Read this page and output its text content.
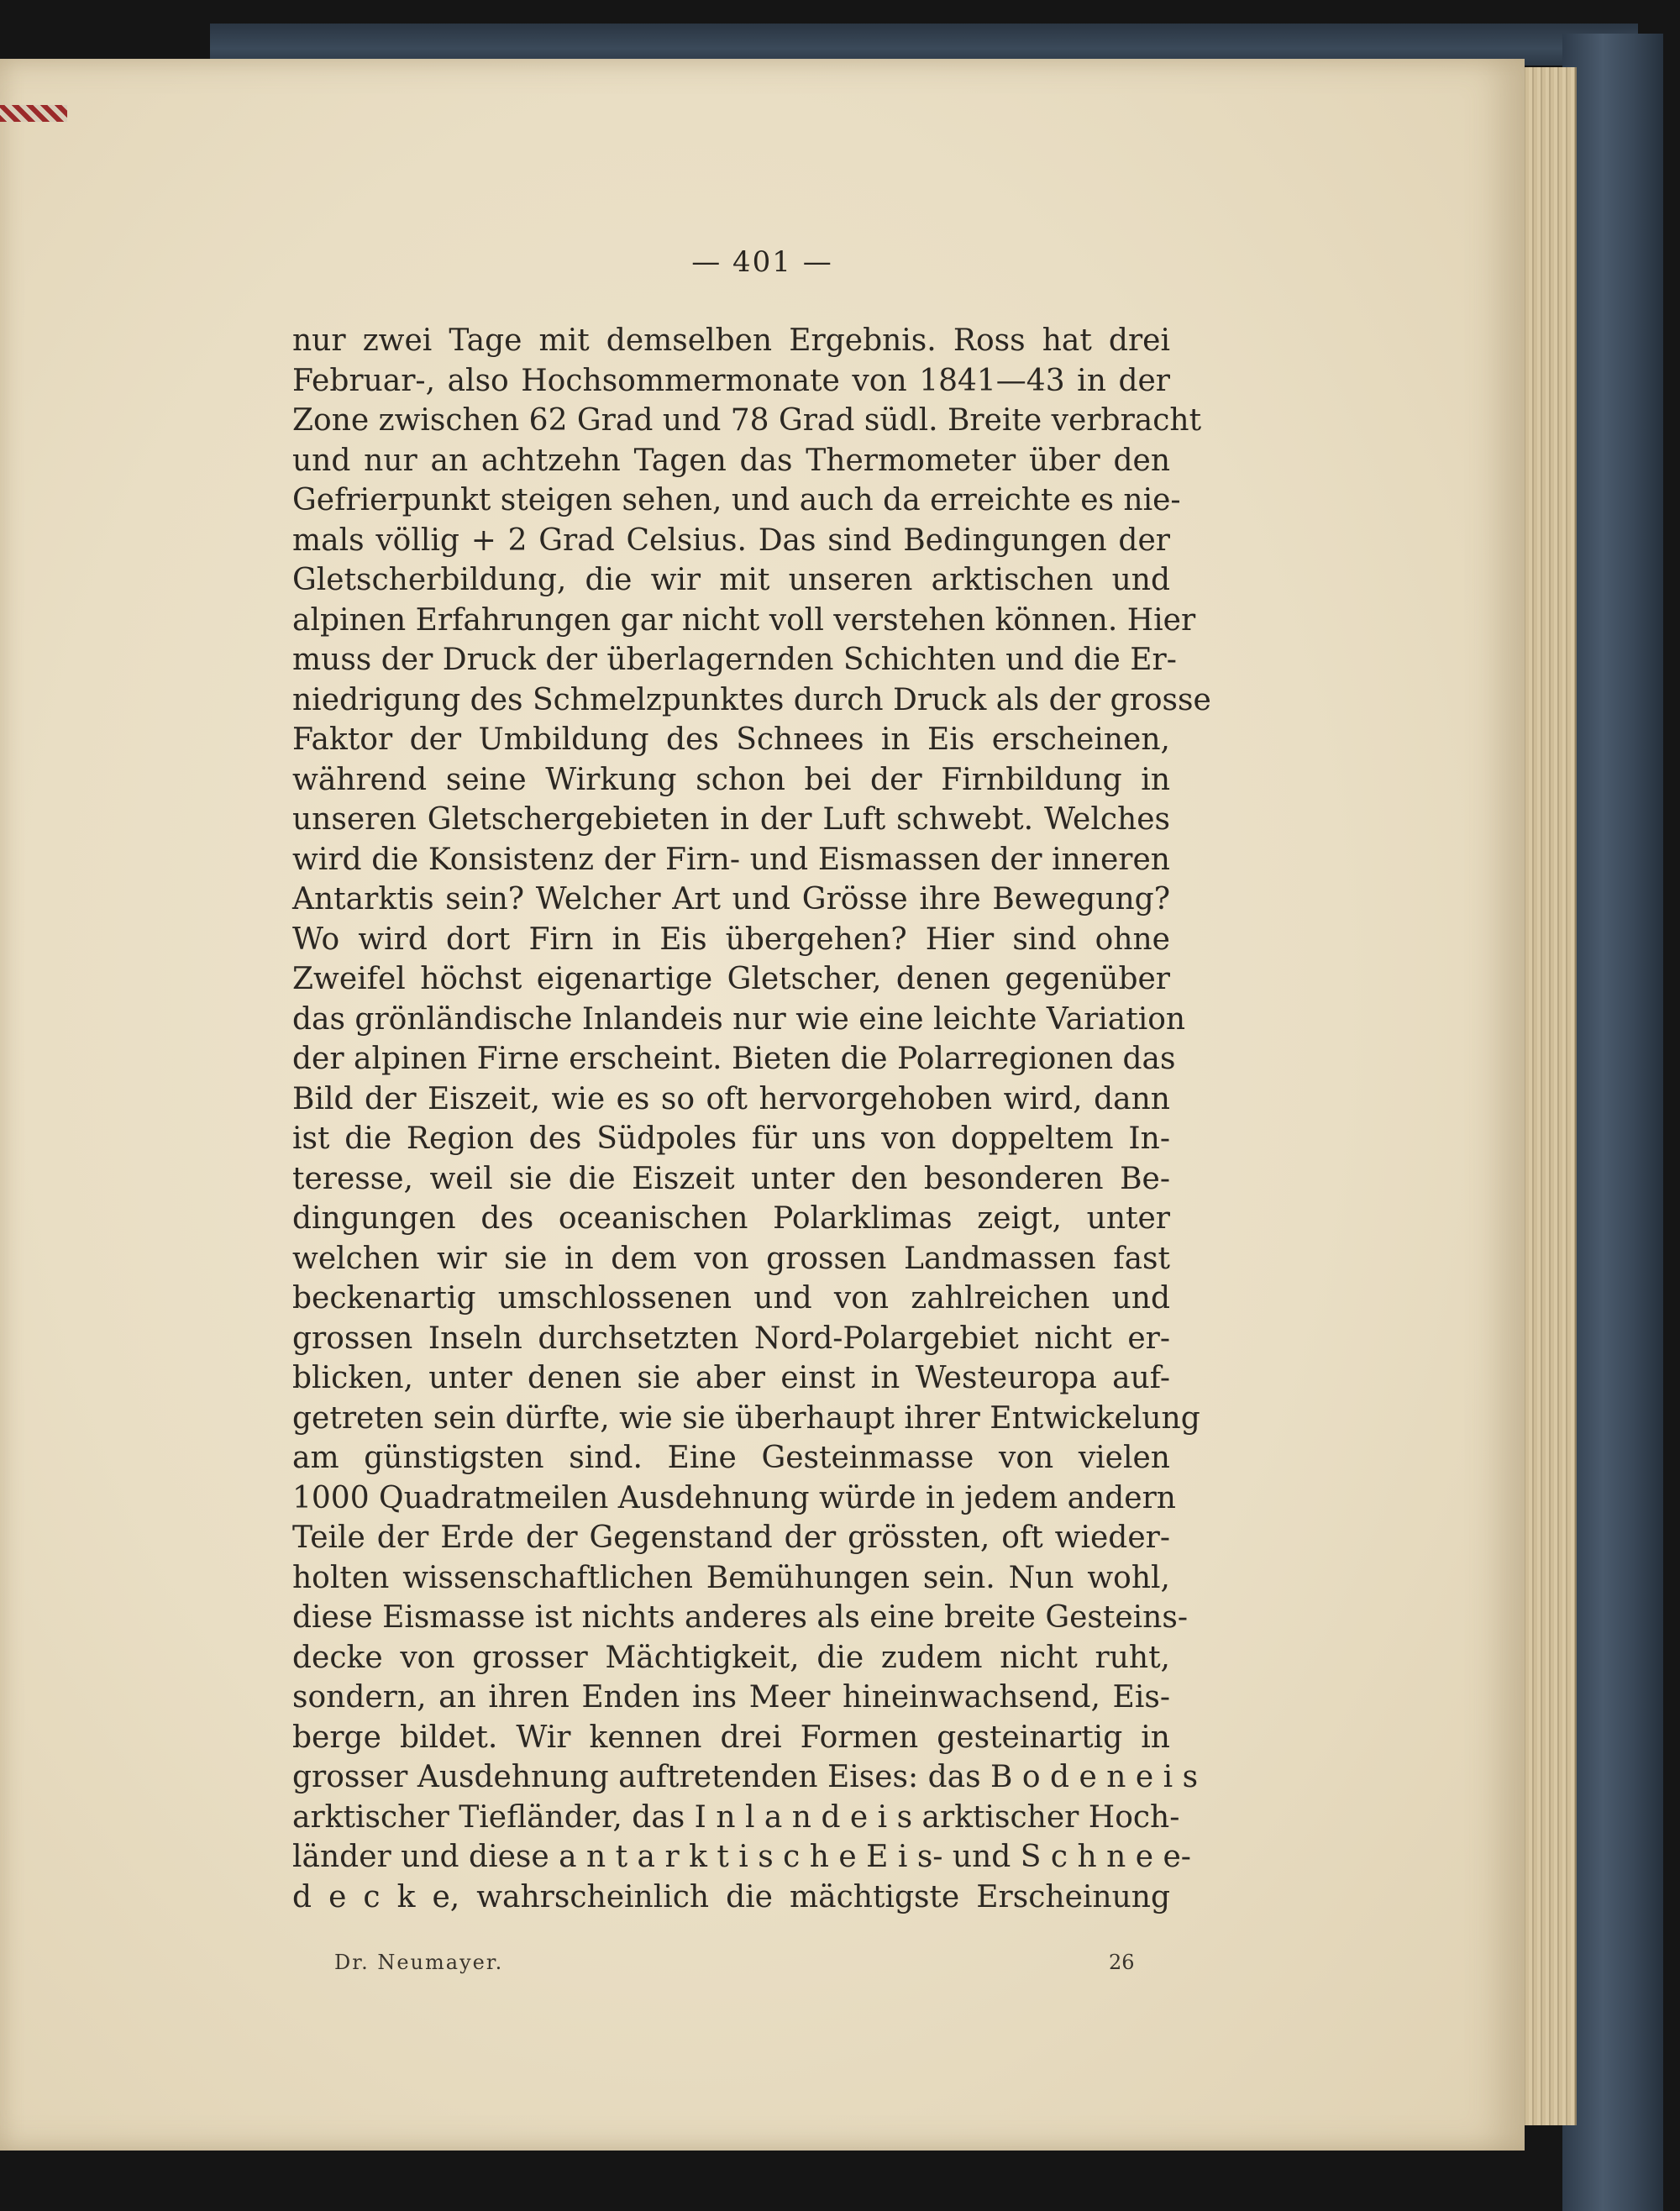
— 401 —
nur zwei Tage mit demselben Ergebnis. Ross hat drei
Februar-, also Hochsommermonate von 1841—43 in der
Zone zwischen 62 Grad und 78 Grad südl. Breite verbracht
und nur an achtzehn Tagen das Thermometer über den
Gefrierpunkt steigen sehen, und auch da erreichte es nie-
mals völlig + 2 Grad Celsius. Das sind Bedingungen der
Gletscherbildung, die wir mit unseren arktischen und
alpinen Erfahrungen gar nicht voll verstehen können. Hier
muss der Druck der überlagernden Schichten und die Er-
niedrigung des Schmelzpunktes durch Druck als der grosse
Faktor der Umbildung des Schnees in Eis erscheinen,
während seine Wirkung schon bei der Firnbildung in
unseren Gletschergebieten in der Luft schwebt. Welches
wird die Konsistenz der Firn- und Eismassen der inneren
Antarktis sein? Welcher Art und Grösse ihre Bewegung?
Wo wird dort Firn in Eis übergehen? Hier sind ohne
Zweifel höchst eigenartige Gletscher, denen gegenüber
das grönländische Inlandeis nur wie eine leichte Variation
der alpinen Firne erscheint. Bieten die Polarregionen das
Bild der Eiszeit, wie es so oft hervorgehoben wird, dann
ist die Region des Südpoles für uns von doppeltem In-
teresse, weil sie die Eiszeit unter den besonderen Be-
dingungen des oceanischen Polarklimas zeigt, unter
welchen wir sie in dem von grossen Landmassen fast
beckenartig umschlossenen und von zahlreichen und
grossen Inseln durchsetzten Nord-Polargebiet nicht er-
blicken, unter denen sie aber einst in Westeuropa auf-
getreten sein dürfte, wie sie überhaupt ihrer Entwickelung
am günstigsten sind. Eine Gesteinmasse von vielen
1000 Quadratmeilen Ausdehnung würde in jedem andern
Teile der Erde der Gegenstand der grössten, oft wieder-
holten wissenschaftlichen Bemühungen sein. Nun wohl,
diese Eismasse ist nichts anderes als eine breite Gesteins-
decke von grosser Mächtigkeit, die zudem nicht ruht,
sondern, an ihren Enden ins Meer hineinwachsend, Eis-
berge bildet. Wir kennen drei Formen gesteinartig in
grosser Ausdehnung auftretenden Eises: das B o d e n e i s
arktischer Tiefländer, das I n l a n d e i s arktischer Hoch-
länder und diese a n t a r k t i s c h e E i s- und S c h n e e-
d e c k e, wahrscheinlich die mächtigste Erscheinung
Dr. Neumayer.	26
